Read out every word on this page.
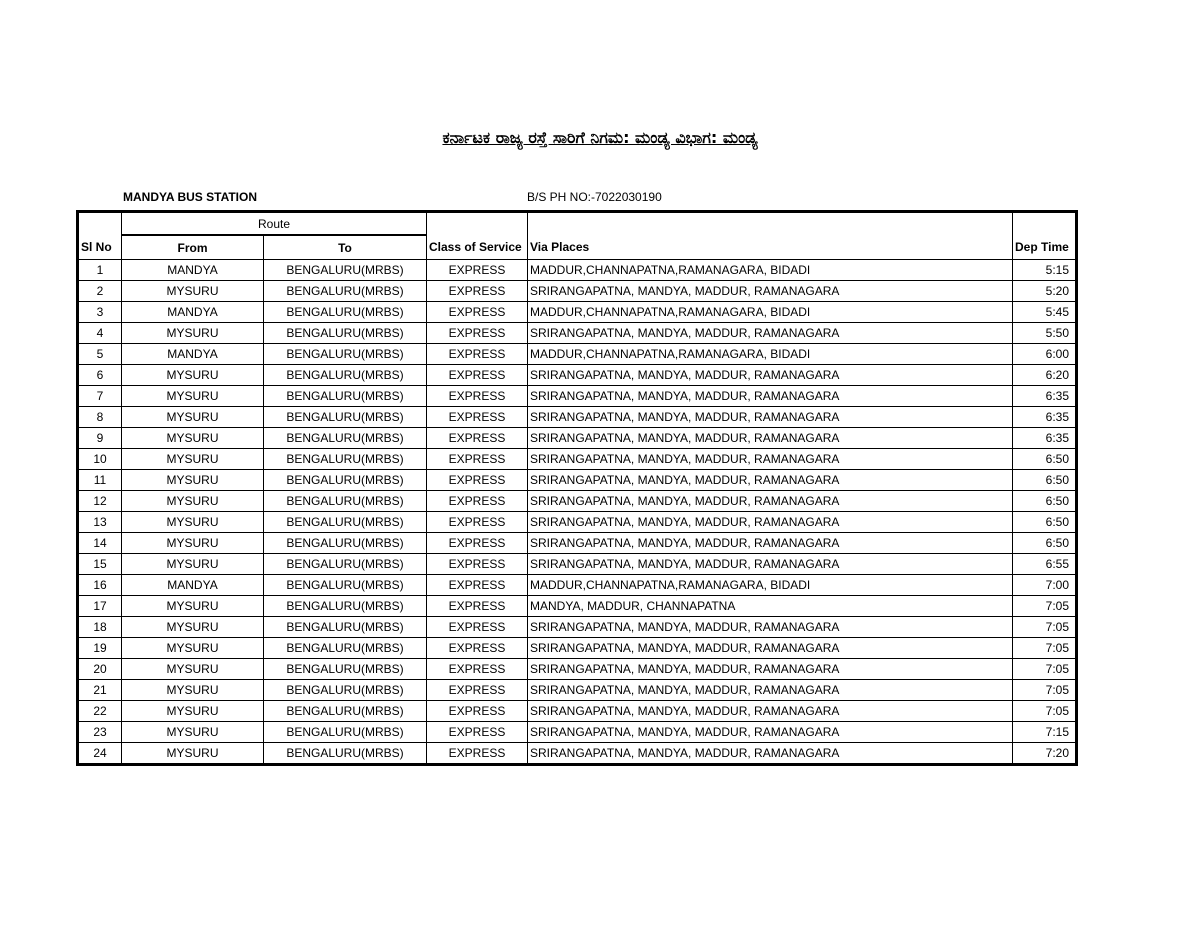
ಕರ್ನಾಟಕ ರಾಜ್ಯ ರಸ್ತೆ ಸಾರಿಗೆ ನಿಗಮ: ಮಂಡ್ಯ ವಿಭಾಗ: ಮಂಡ್ಯ
MANDYA BUS STATION	B/S PH NO:-7022030190
	Route				
Sl No	From	To	Class of Service	Via Places	Dep Time
1	MANDYA	BENGALURU(MRBS)	EXPRESS	MADDUR,CHANNAPATNA,RAMANAGARA, BIDADI	5:15
2	MYSURU	BENGALURU(MRBS)	EXPRESS	SRIRANGAPATNA, MANDYA, MADDUR, RAMANAGARA	5:20
3	MANDYA	BENGALURU(MRBS)	EXPRESS	MADDUR,CHANNAPATNA,RAMANAGARA, BIDADI	5:45
4	MYSURU	BENGALURU(MRBS)	EXPRESS	SRIRANGAPATNA, MANDYA, MADDUR, RAMANAGARA	5:50
5	MANDYA	BENGALURU(MRBS)	EXPRESS	MADDUR,CHANNAPATNA,RAMANAGARA, BIDADI	6:00
6	MYSURU	BENGALURU(MRBS)	EXPRESS	SRIRANGAPATNA, MANDYA, MADDUR, RAMANAGARA	6:20
7	MYSURU	BENGALURU(MRBS)	EXPRESS	SRIRANGAPATNA, MANDYA, MADDUR, RAMANAGARA	6:35
8	MYSURU	BENGALURU(MRBS)	EXPRESS	SRIRANGAPATNA, MANDYA, MADDUR, RAMANAGARA	6:35
9	MYSURU	BENGALURU(MRBS)	EXPRESS	SRIRANGAPATNA, MANDYA, MADDUR, RAMANAGARA	6:35
10	MYSURU	BENGALURU(MRBS)	EXPRESS	SRIRANGAPATNA, MANDYA, MADDUR, RAMANAGARA	6:50
11	MYSURU	BENGALURU(MRBS)	EXPRESS	SRIRANGAPATNA, MANDYA, MADDUR, RAMANAGARA	6:50
12	MYSURU	BENGALURU(MRBS)	EXPRESS	SRIRANGAPATNA, MANDYA, MADDUR, RAMANAGARA	6:50
13	MYSURU	BENGALURU(MRBS)	EXPRESS	SRIRANGAPATNA, MANDYA, MADDUR, RAMANAGARA	6:50
14	MYSURU	BENGALURU(MRBS)	EXPRESS	SRIRANGAPATNA, MANDYA, MADDUR, RAMANAGARA	6:50
15	MYSURU	BENGALURU(MRBS)	EXPRESS	SRIRANGAPATNA, MANDYA, MADDUR, RAMANAGARA	6:55
16	MANDYA	BENGALURU(MRBS)	EXPRESS	MADDUR,CHANNAPATNA,RAMANAGARA, BIDADI	7:00
17	MYSURU	BENGALURU(MRBS)	EXPRESS	MANDYA, MADDUR, CHANNAPATNA	7:05
18	MYSURU	BENGALURU(MRBS)	EXPRESS	SRIRANGAPATNA, MANDYA, MADDUR, RAMANAGARA	7:05
19	MYSURU	BENGALURU(MRBS)	EXPRESS	SRIRANGAPATNA, MANDYA, MADDUR, RAMANAGARA	7:05
20	MYSURU	BENGALURU(MRBS)	EXPRESS	SRIRANGAPATNA, MANDYA, MADDUR, RAMANAGARA	7:05
21	MYSURU	BENGALURU(MRBS)	EXPRESS	SRIRANGAPATNA, MANDYA, MADDUR, RAMANAGARA	7:05
22	MYSURU	BENGALURU(MRBS)	EXPRESS	SRIRANGAPATNA, MANDYA, MADDUR, RAMANAGARA	7:05
23	MYSURU	BENGALURU(MRBS)	EXPRESS	SRIRANGAPATNA, MANDYA, MADDUR, RAMANAGARA	7:15
24	MYSURU	BENGALURU(MRBS)	EXPRESS	SRIRANGAPATNA, MANDYA, MADDUR, RAMANAGARA	7:20
